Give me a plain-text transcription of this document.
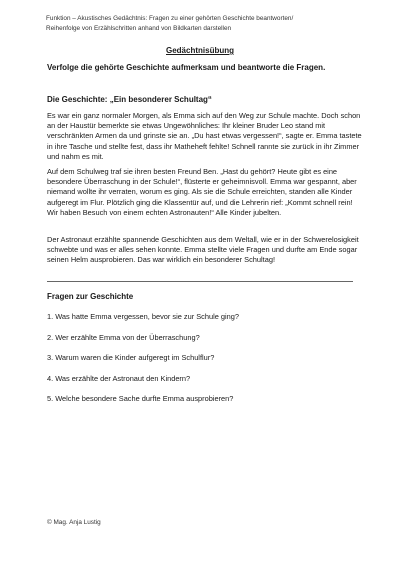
Funktion – Akustisches Gedächtnis: Fragen zu einer gehörten Geschichte beantworten/
Reihenfolge von Erzählschritten anhand von Bildkarten darstellen
Gedächtnisübung
Verfolge die gehörte Geschichte aufmerksam und beantworte die Fragen.
Die Geschichte: „Ein besonderer Schultag“
Es war ein ganz normaler Morgen, als Emma sich auf den Weg zur Schule machte. Doch schon an der Haustür bemerkte sie etwas Ungewöhnliches: Ihr kleiner Bruder Leo stand mit verschränkten Armen da und grinste sie an. „Du hast etwas vergessen!“, sagte er. Emma tastete in ihre Tasche und stellte fest, dass ihr Matheheft fehlte! Schnell rannte sie zurück in ihr Zimmer und nahm es mit.
Auf dem Schulweg traf sie ihren besten Freund Ben. „Hast du gehört? Heute gibt es eine besondere Überraschung in der Schule!“, flüsterte er geheimnisvoll. Emma war gespannt, aber niemand wollte ihr verraten, worum es ging. Als sie die Schule erreichten, standen alle Kinder aufgeregt im Flur. Plötzlich ging die Klassentür auf, und die Lehrerin rief: „Kommt schnell rein! Wir haben Besuch von einem echten Astronauten!“ Alle Kinder jubelten.
Der Astronaut erzählte spannende Geschichten aus dem Weltall, wie er in der Schwerelosigkeit schwebte und was er alles sehen konnte. Emma stellte viele Fragen und durfte am Ende sogar seinen Helm ausprobieren. Das war wirklich ein besonderer Schultag!
Fragen zur Geschichte
1. Was hatte Emma vergessen, bevor sie zur Schule ging?
2. Wer erzählte Emma von der Überraschung?
3. Warum waren die Kinder aufgeregt im Schulflur?
4. Was erzählte der Astronaut den Kindern?
5. Welche besondere Sache durfte Emma ausprobieren?
© Mag. Anja Lustig
